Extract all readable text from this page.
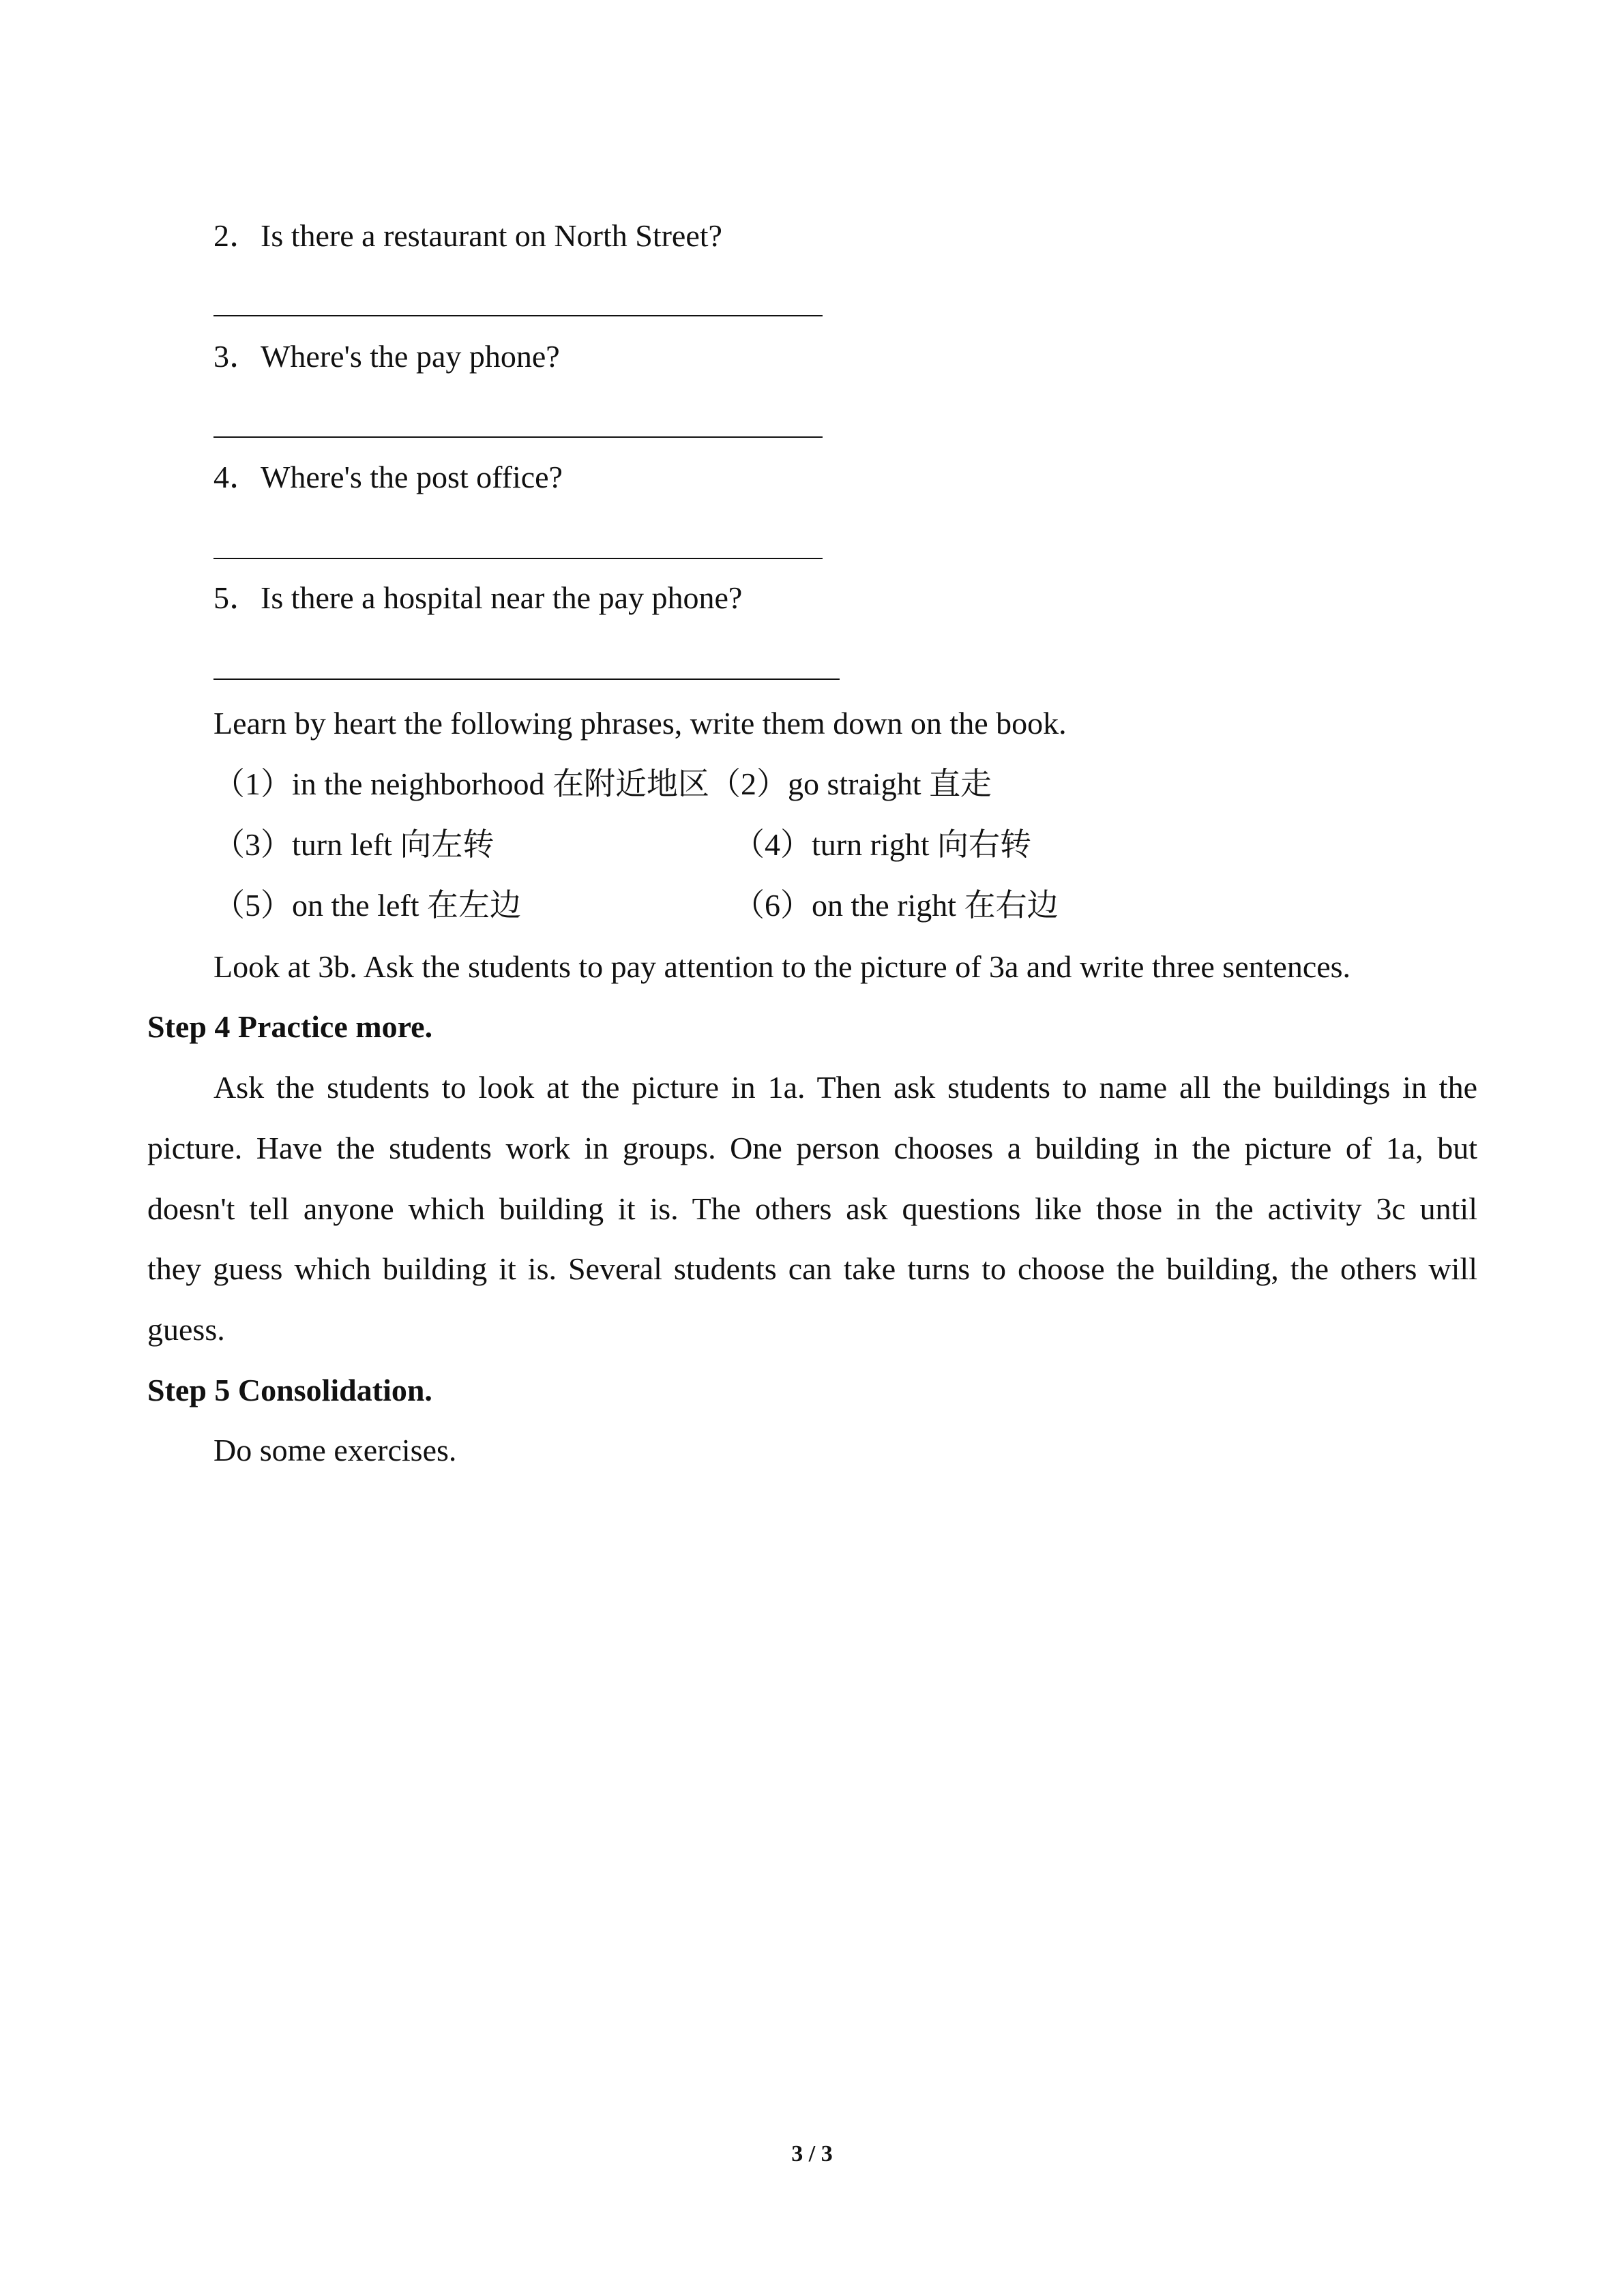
2．Is there a restaurant on North Street?
3．Where's the pay phone?
4．Where's the post office?
5．Is there a hospital near the pay phone?
Learn by heart the following phrases, write them down on the book.
（1）in the neighborhood 在附近地区（2）go straight 直走
（3）turn left 向左转	（4）turn right 向右转
（5）on the left 在左边	（6）on the right 在右边
Look at 3b. Ask the students to pay attention to the picture of 3a and write three sentences.
Step 4 Practice more.
Ask the students to look at the picture in 1a. Then ask students to name all the buildings in the
picture. Have the students work in groups. One person chooses a building in the picture of 1a, but
doesn't tell anyone which building it is. The others ask questions like those in the activity 3c until
they guess which building it is. Several students can take turns to choose the building, the others will
guess.
Step 5 Consolidation.
Do some exercises.
3 / 3
